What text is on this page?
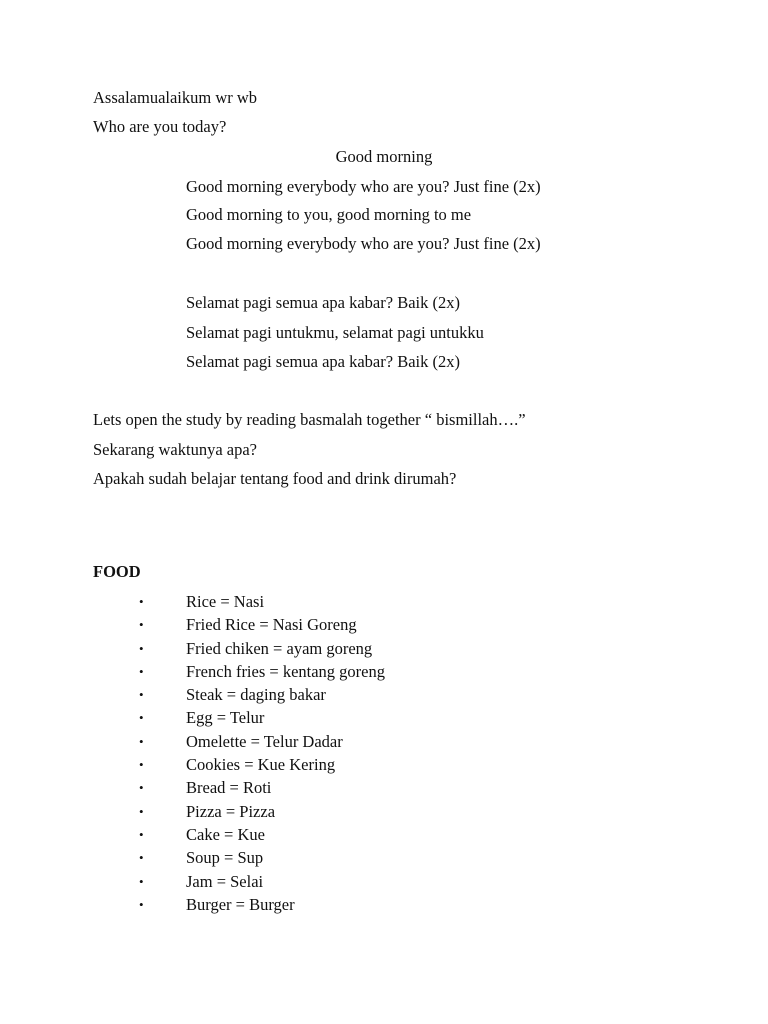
Assalamualaikum wr wb
Who are you today?
Good morning
Good morning everybody who are you? Just fine (2x)
Good morning to you, good morning to me
Good morning everybody who are you? Just fine (2x)
Selamat pagi semua apa kabar? Baik (2x)
Selamat pagi untukmu, selamat pagi untukku
Selamat pagi semua apa kabar? Baik (2x)
Lets open the study by reading basmalah together “ bismillah….”
Sekarang waktunya apa?
Apakah sudah belajar tentang food and drink dirumah?
FOOD
•	Rice = Nasi
•	Fried Rice = Nasi Goreng
•	Fried chiken = ayam goreng
•	French fries = kentang goreng
•	Steak = daging bakar
•	Egg = Telur
•	Omelette = Telur Dadar
•	Cookies = Kue Kering
•	Bread = Roti
•	Pizza = Pizza
•	Cake = Kue
•	Soup = Sup
•	Jam = Selai
•	Burger = Burger
